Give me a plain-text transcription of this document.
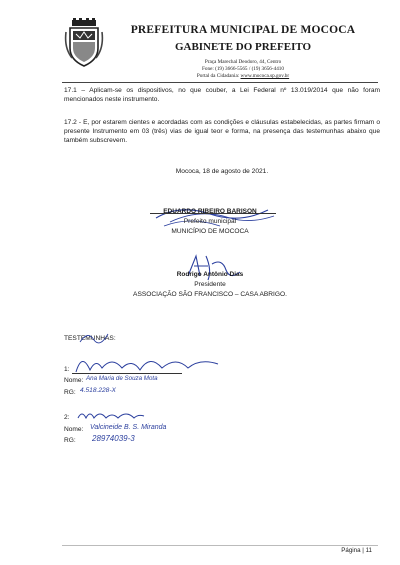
PREFEITURA MUNICIPAL DE MOCOCA
GABINETE DO PREFEITO
Praça Marechal Deodoro, 44, Centro
Fone: (19) 3666-5565 / (19) 3656-4410
Portal da Cidadania: www.mococa.sp.gov.br
17.1 – Aplicam-se os dispositivos, no que couber, a Lei Federal nº 13.019/2014 que não foram mencionados neste instrumento.
17.2 - E, por estarem cientes e acordadas com as condições e cláusulas estabelecidas, as partes firmam o presente Instrumento em 03 (três) vias de igual teor e forma, na presença das testemunhas abaixo que também subscrevem.
Mococa, 18 de agosto de 2021.
EDUARDO RIBEIRO BARISON
Prefeito municipal
MUNICÍPIO DE MOCOCA
Rodrigo Antônio Dias
Presidente
ASSOCIAÇÃO SÃO FRANCISCO – CASA ABRIGO.
TESTEMUNHAS:
1:
Nome: Ana Maria de Souza Mota
RG: 4.518.228-X
2:
Nome: Valcineide B. S. Miranda
RG: 28974039-3
Página | 11
